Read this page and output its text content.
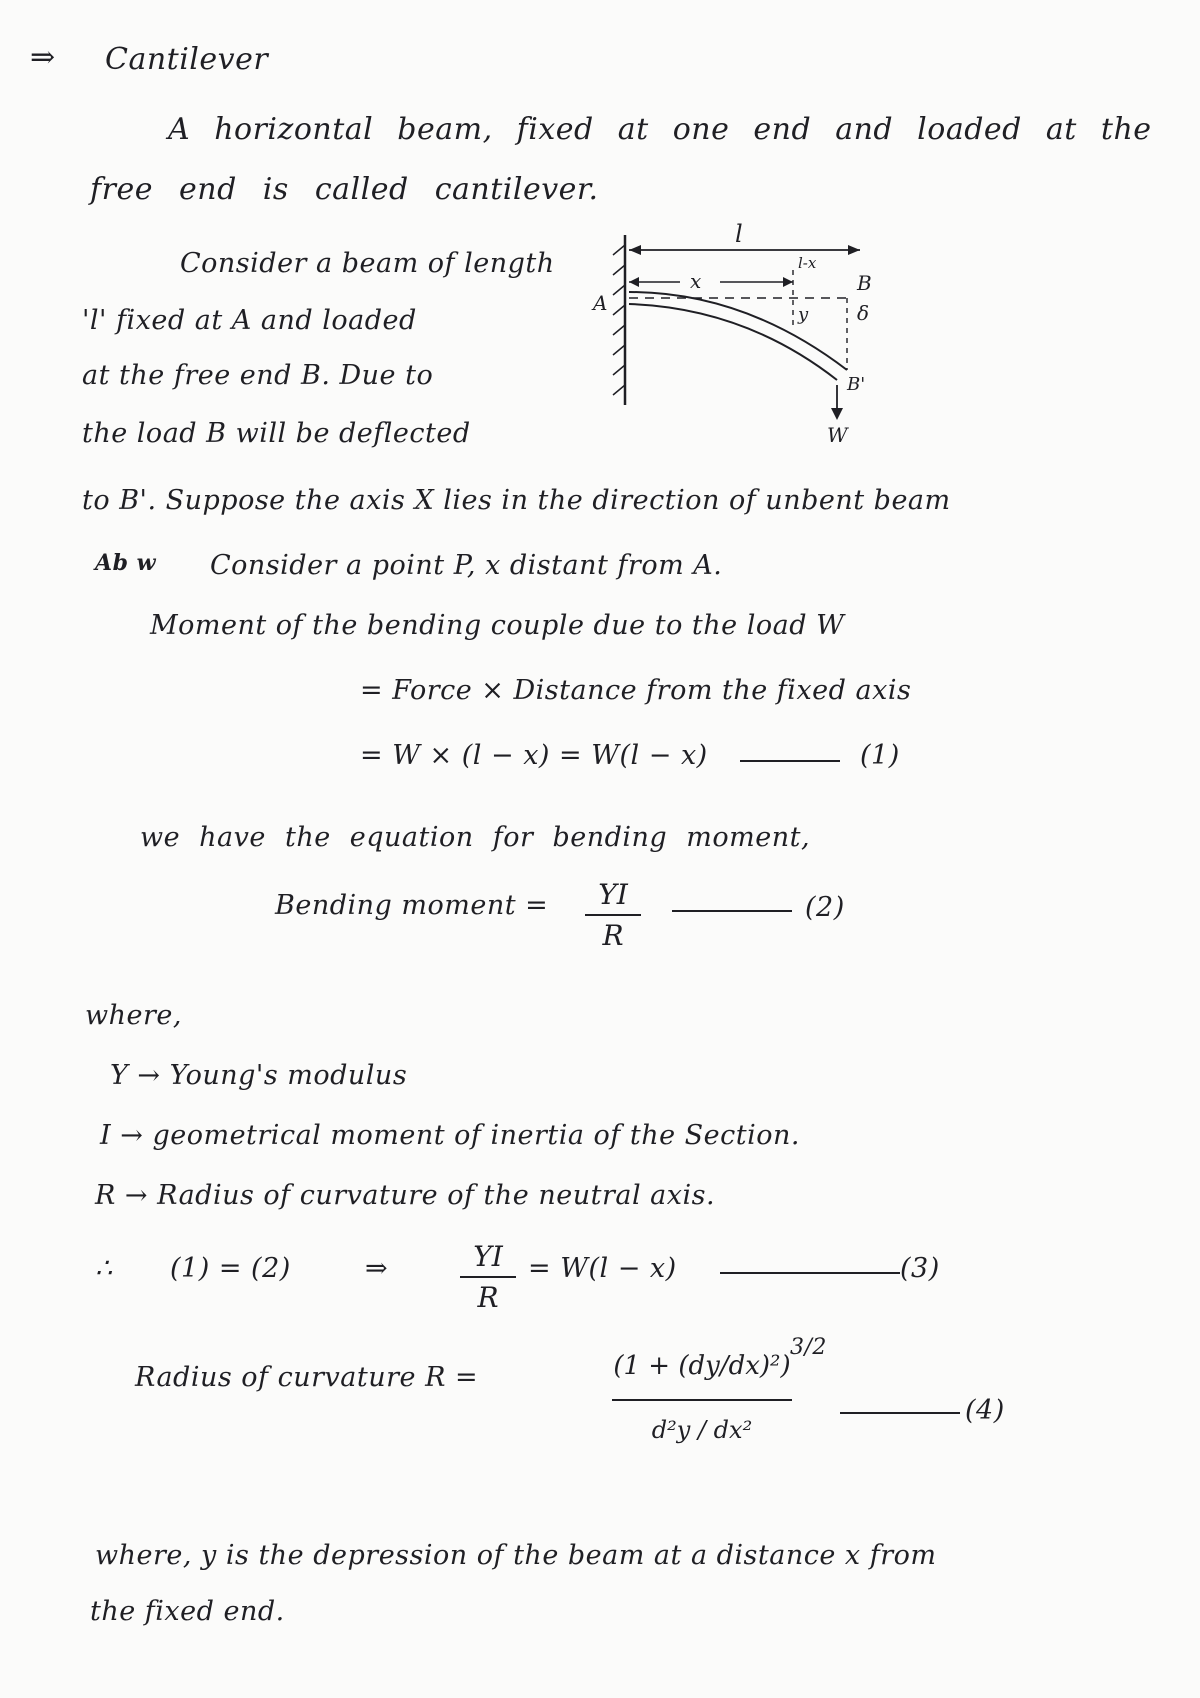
⇒ Cantilever
A horizontal beam, fixed at one end and loaded at the
free end is called cantilever.
Consider a beam of length
'l' fixed at A and loaded
at the free end B. Due to
the load B will be deflected
to B'. Suppose the axis X lies in the direction of unbent beam
Ab w Consider a point P, x distant from A.
l
x
l-x
y δ
A
B
B'
W
Moment of the bending couple due to the load W
= Force × Distance from the fixed axis
= W × (l − x) = W(l − x)	(1)
we have the equation for bending moment,
Bending moment =	YI
R
(2)
where,
Y → Young's modulus
I → geometrical moment of inertia of the Section.
R → Radius of curvature of the neutral axis.
∴ (1) = (2)	⇒	YI
R
= W(l − x)	(3)
Radius of curvature R =	(1 + (dy/dx)²)
d²y / dx²
3/2
(4)
where, y is the depression of the beam at a distance x from
the fixed end.
